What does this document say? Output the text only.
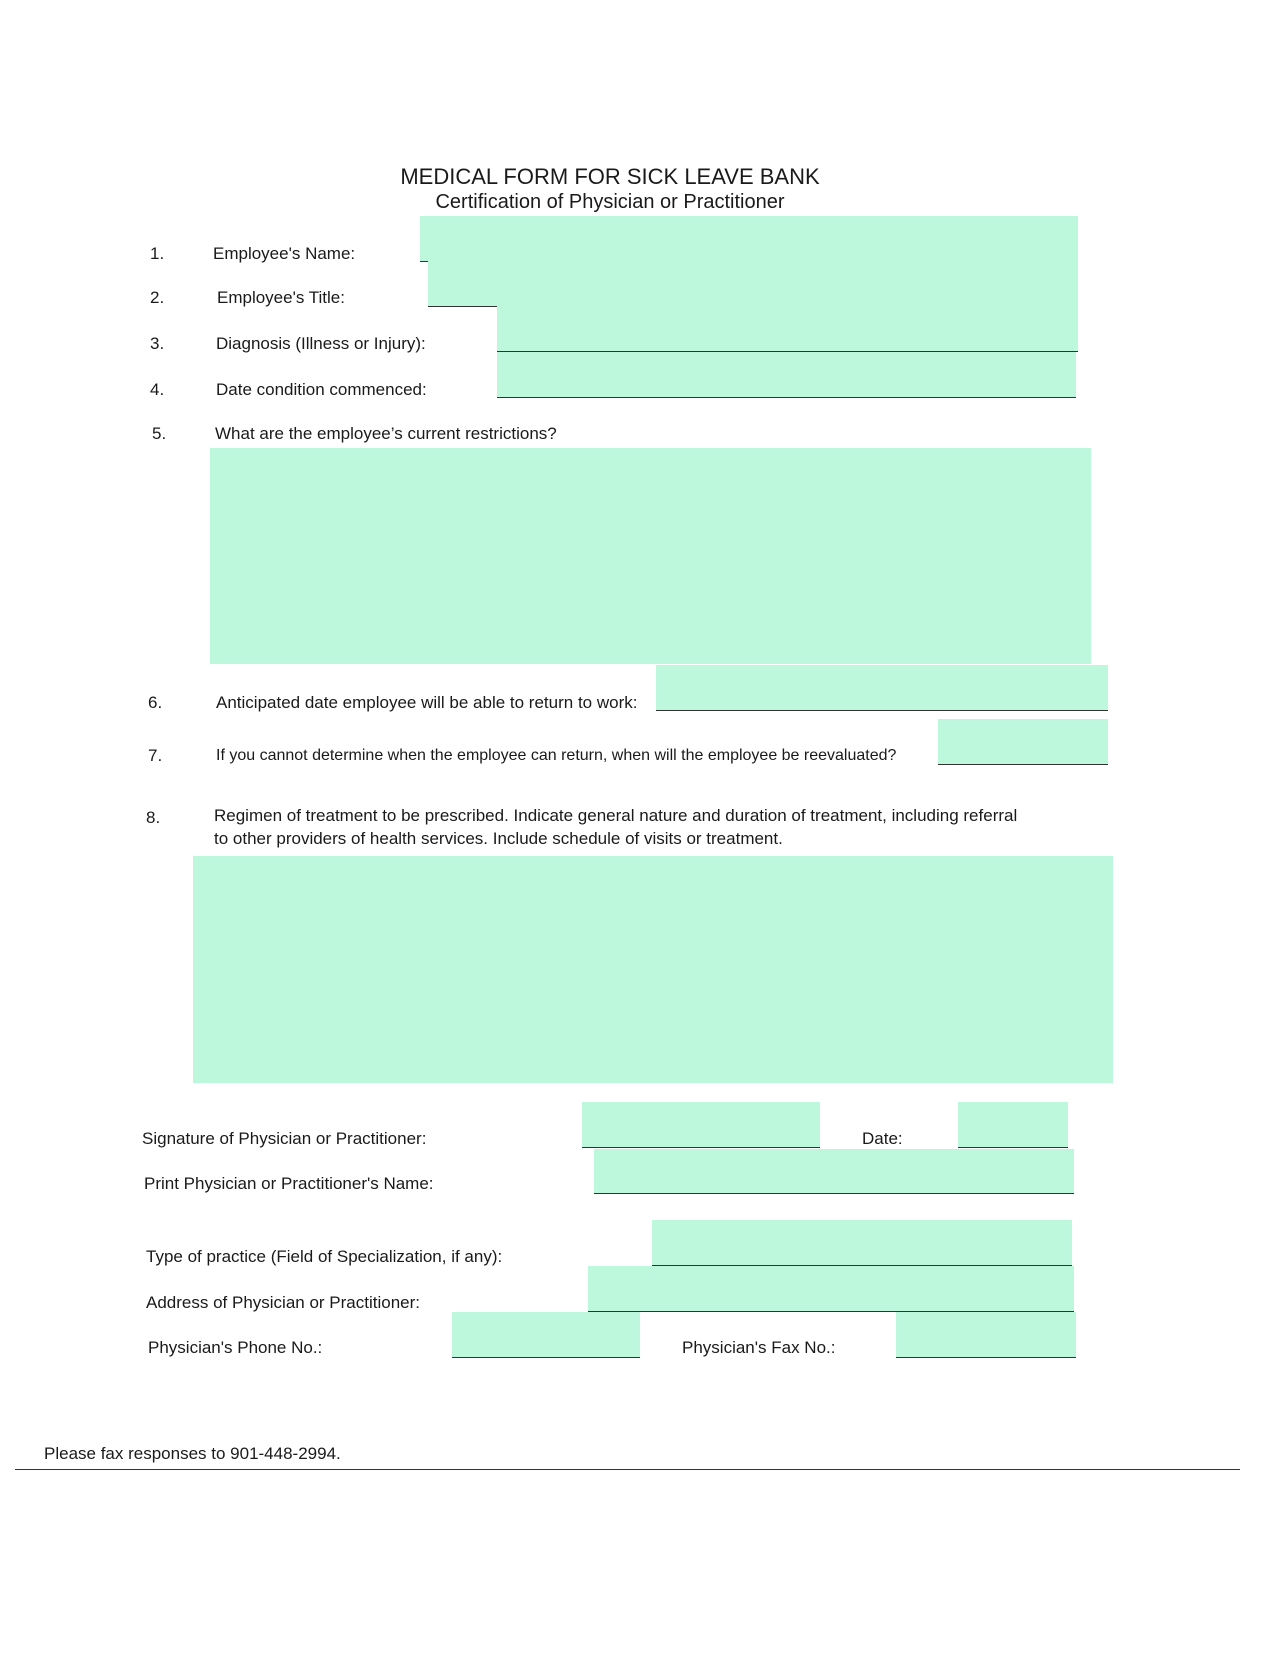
MEDICAL FORM FOR SICK LEAVE BANK
Certification of Physician or Practitioner
1.	Employee's Name:
2.	Employee's Title:
3.	Diagnosis (Illness or Injury):
4.	Date condition commenced:
5.	What are the employee’s current restrictions?
6.	Anticipated date employee will be able to return to work:
7.	If you cannot determine when the employee can return, when will the employee be reevaluated?
8.	Regimen of treatment to be prescribed. Indicate general nature and duration of treatment, including referral
to other providers of health services. Include schedule of visits or treatment.
Signature of Physician or Practitioner:	Date:
Print Physician or Practitioner's Name:
Type of practice (Field of Specialization, if any):
Address of Physician or Practitioner:
Physician's Phone No.:	Physician's Fax No.:
Please fax responses to 901-448-2994.
